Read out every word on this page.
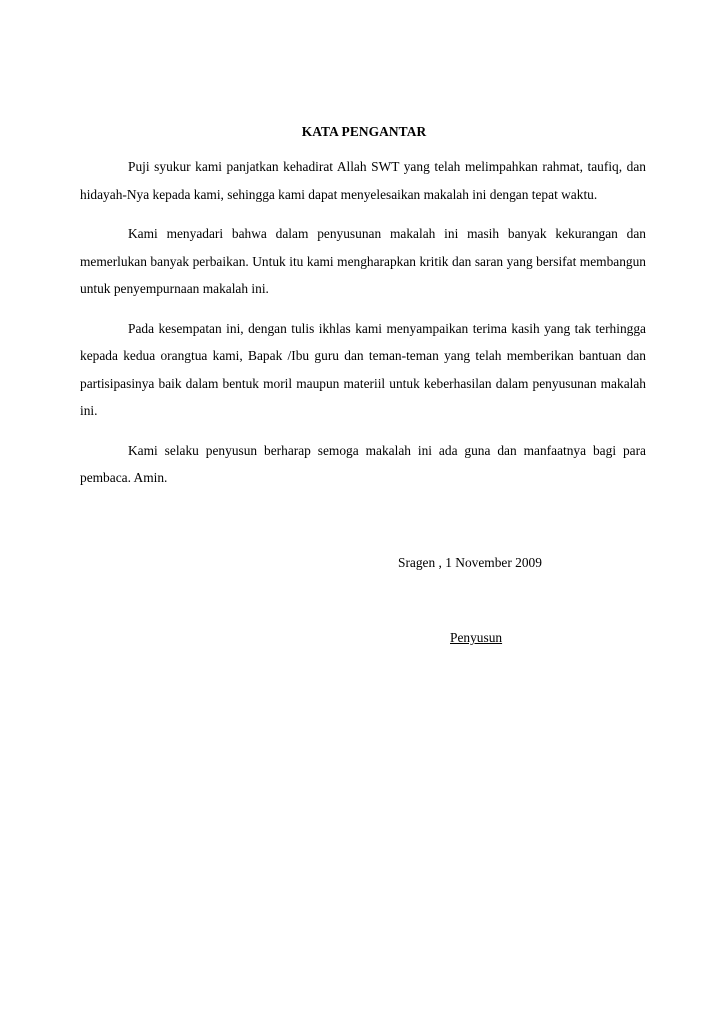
KATA PENGANTAR

Puji syukur kami panjatkan kehadirat Allah SWT yang telah melimpahkan rahmat, taufiq, dan hidayah-Nya kepada kami, sehingga kami dapat menyelesaikan makalah ini dengan tepat waktu.

Kami menyadari bahwa dalam penyusunan makalah ini masih banyak kekurangan dan memerlukan banyak perbaikan. Untuk itu kami mengharapkan kritik dan saran yang bersifat membangun untuk penyempurnaan makalah ini.

Pada kesempatan ini, dengan tulis ikhlas kami menyampaikan terima kasih yang tak terhingga kepada kedua orangtua kami, Bapak /Ibu guru dan teman-teman yang telah memberikan bantuan dan partisipasinya baik dalam bentuk moril maupun materiil untuk keberhasilan dalam penyusunan makalah ini.

Kami selaku penyusun berharap semoga makalah ini ada guna dan manfaatnya bagi para pembaca. Amin.

Sragen , 1 November 2009
Penyusun
